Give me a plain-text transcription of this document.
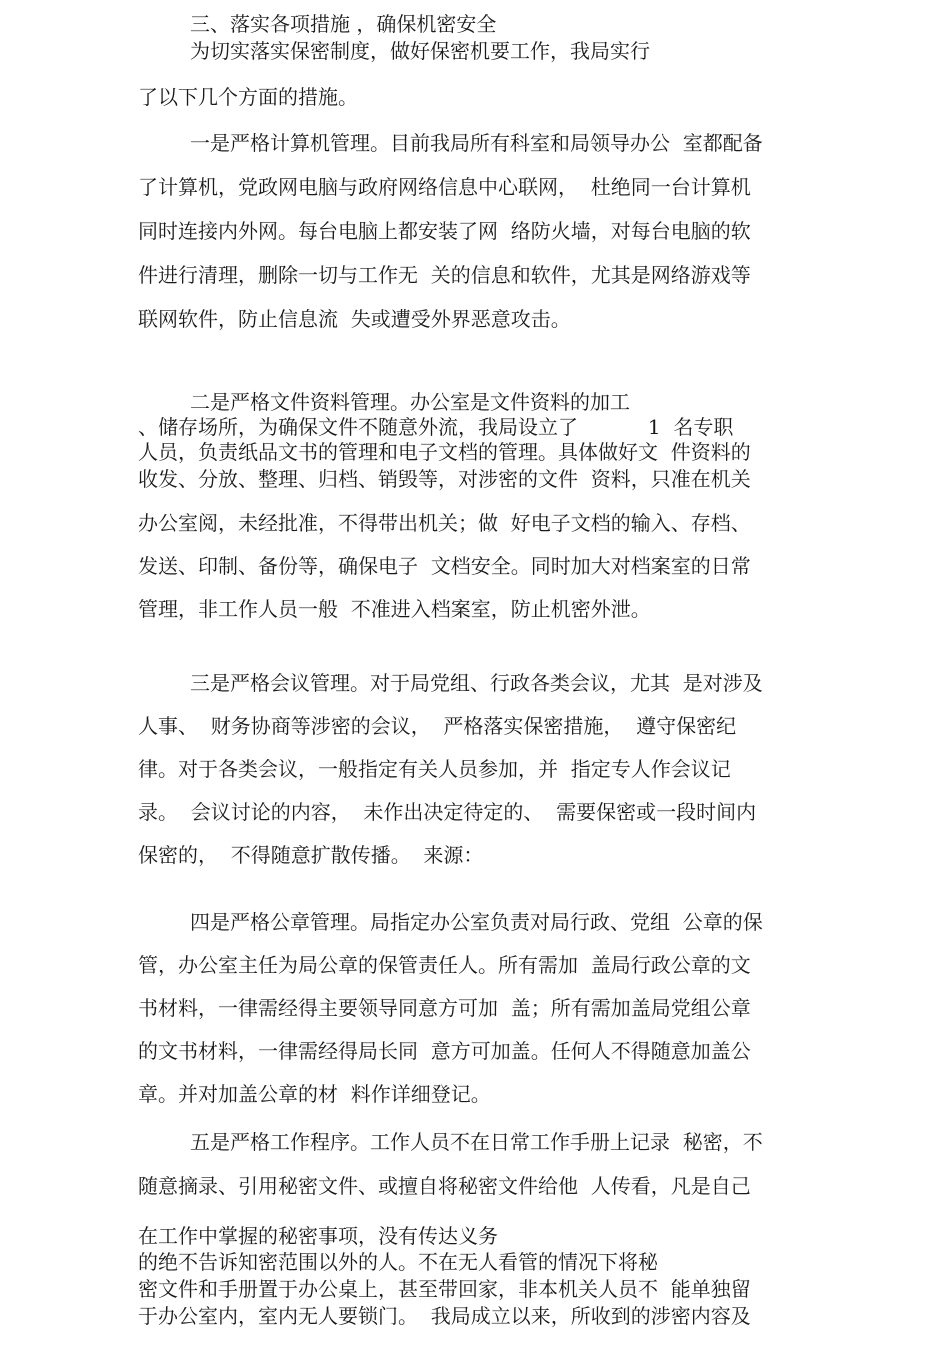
三、落实各项措施 ，确保机密安全

为切实落实保密制度，做好保密机要工作，我局实行

了以下几个方面的措施。

一是严格计算机管理。目前我局所有科室和局领导办公  室都配备

了计算机，党政网电脑与政府网络信息中心联网，  杜绝同一台计算机

同时连接内外网。每台电脑上都安装了网  络防火墙，对每台电脑的软

件进行清理，删除一切与工作无  关的信息和软件，尤其是网络游戏等

联网软件，防止信息流  失或遭受外界恶意攻击。

二是严格文件资料管理。办公室是文件资料的加工

、储存场所，为确保文件不随意外流，我局设立了           1  名专职

人员，负责纸品文书的管理和电子文档的管理。具体做好文  件资料的

收发、分放、整理、归档、销毁等，对涉密的文件  资料，只准在机关

办公室阅，未经批准，不得带出机关；做  好电子文档的输入、存档、

发送、印制、备份等，确保电子  文档安全。同时加大对档案室的日常

管理，非工作人员一般  不准进入档案室，防止机密外泄。

三是严格会议管理。对于局党组、行政各类会议，尤其  是对涉及

人事、  财务协商等涉密的会议，  严格落实保密措施，  遵守保密纪

律。对于各类会议，一般指定有关人员参加，并  指定专人作会议记

录。  会议讨论的内容，  未作出决定待定的、  需要保密或一段时间内

保密的，  不得随意扩散传播。  来源：

四是严格公章管理。局指定办公室负责对局行政、党组  公章的保

管，办公室主任为局公章的保管责任人。所有需加  盖局行政公章的文

书材料，一律需经得主要领导同意方可加  盖；所有需加盖局党组公章

的文书材料，一律需经得局长同  意方可加盖。任何人不得随意加盖公

章。并对加盖公章的材  料作详细登记。

五是严格工作程序。工作人员不在日常工作手册上记录  秘密，不

随意摘录、引用秘密文件、或擅自将秘密文件给他  人传看，凡是自己

在工作中掌握的秘密事项，没有传达义务

的绝不告诉知密范围以外的人。不在无人看管的情况下将秘

密文件和手册置于办公桌上，甚至带回家，非本机关人员不  能单独留

于办公室内，室内无人要锁门。  我局成立以来，所收到的涉密内容及
